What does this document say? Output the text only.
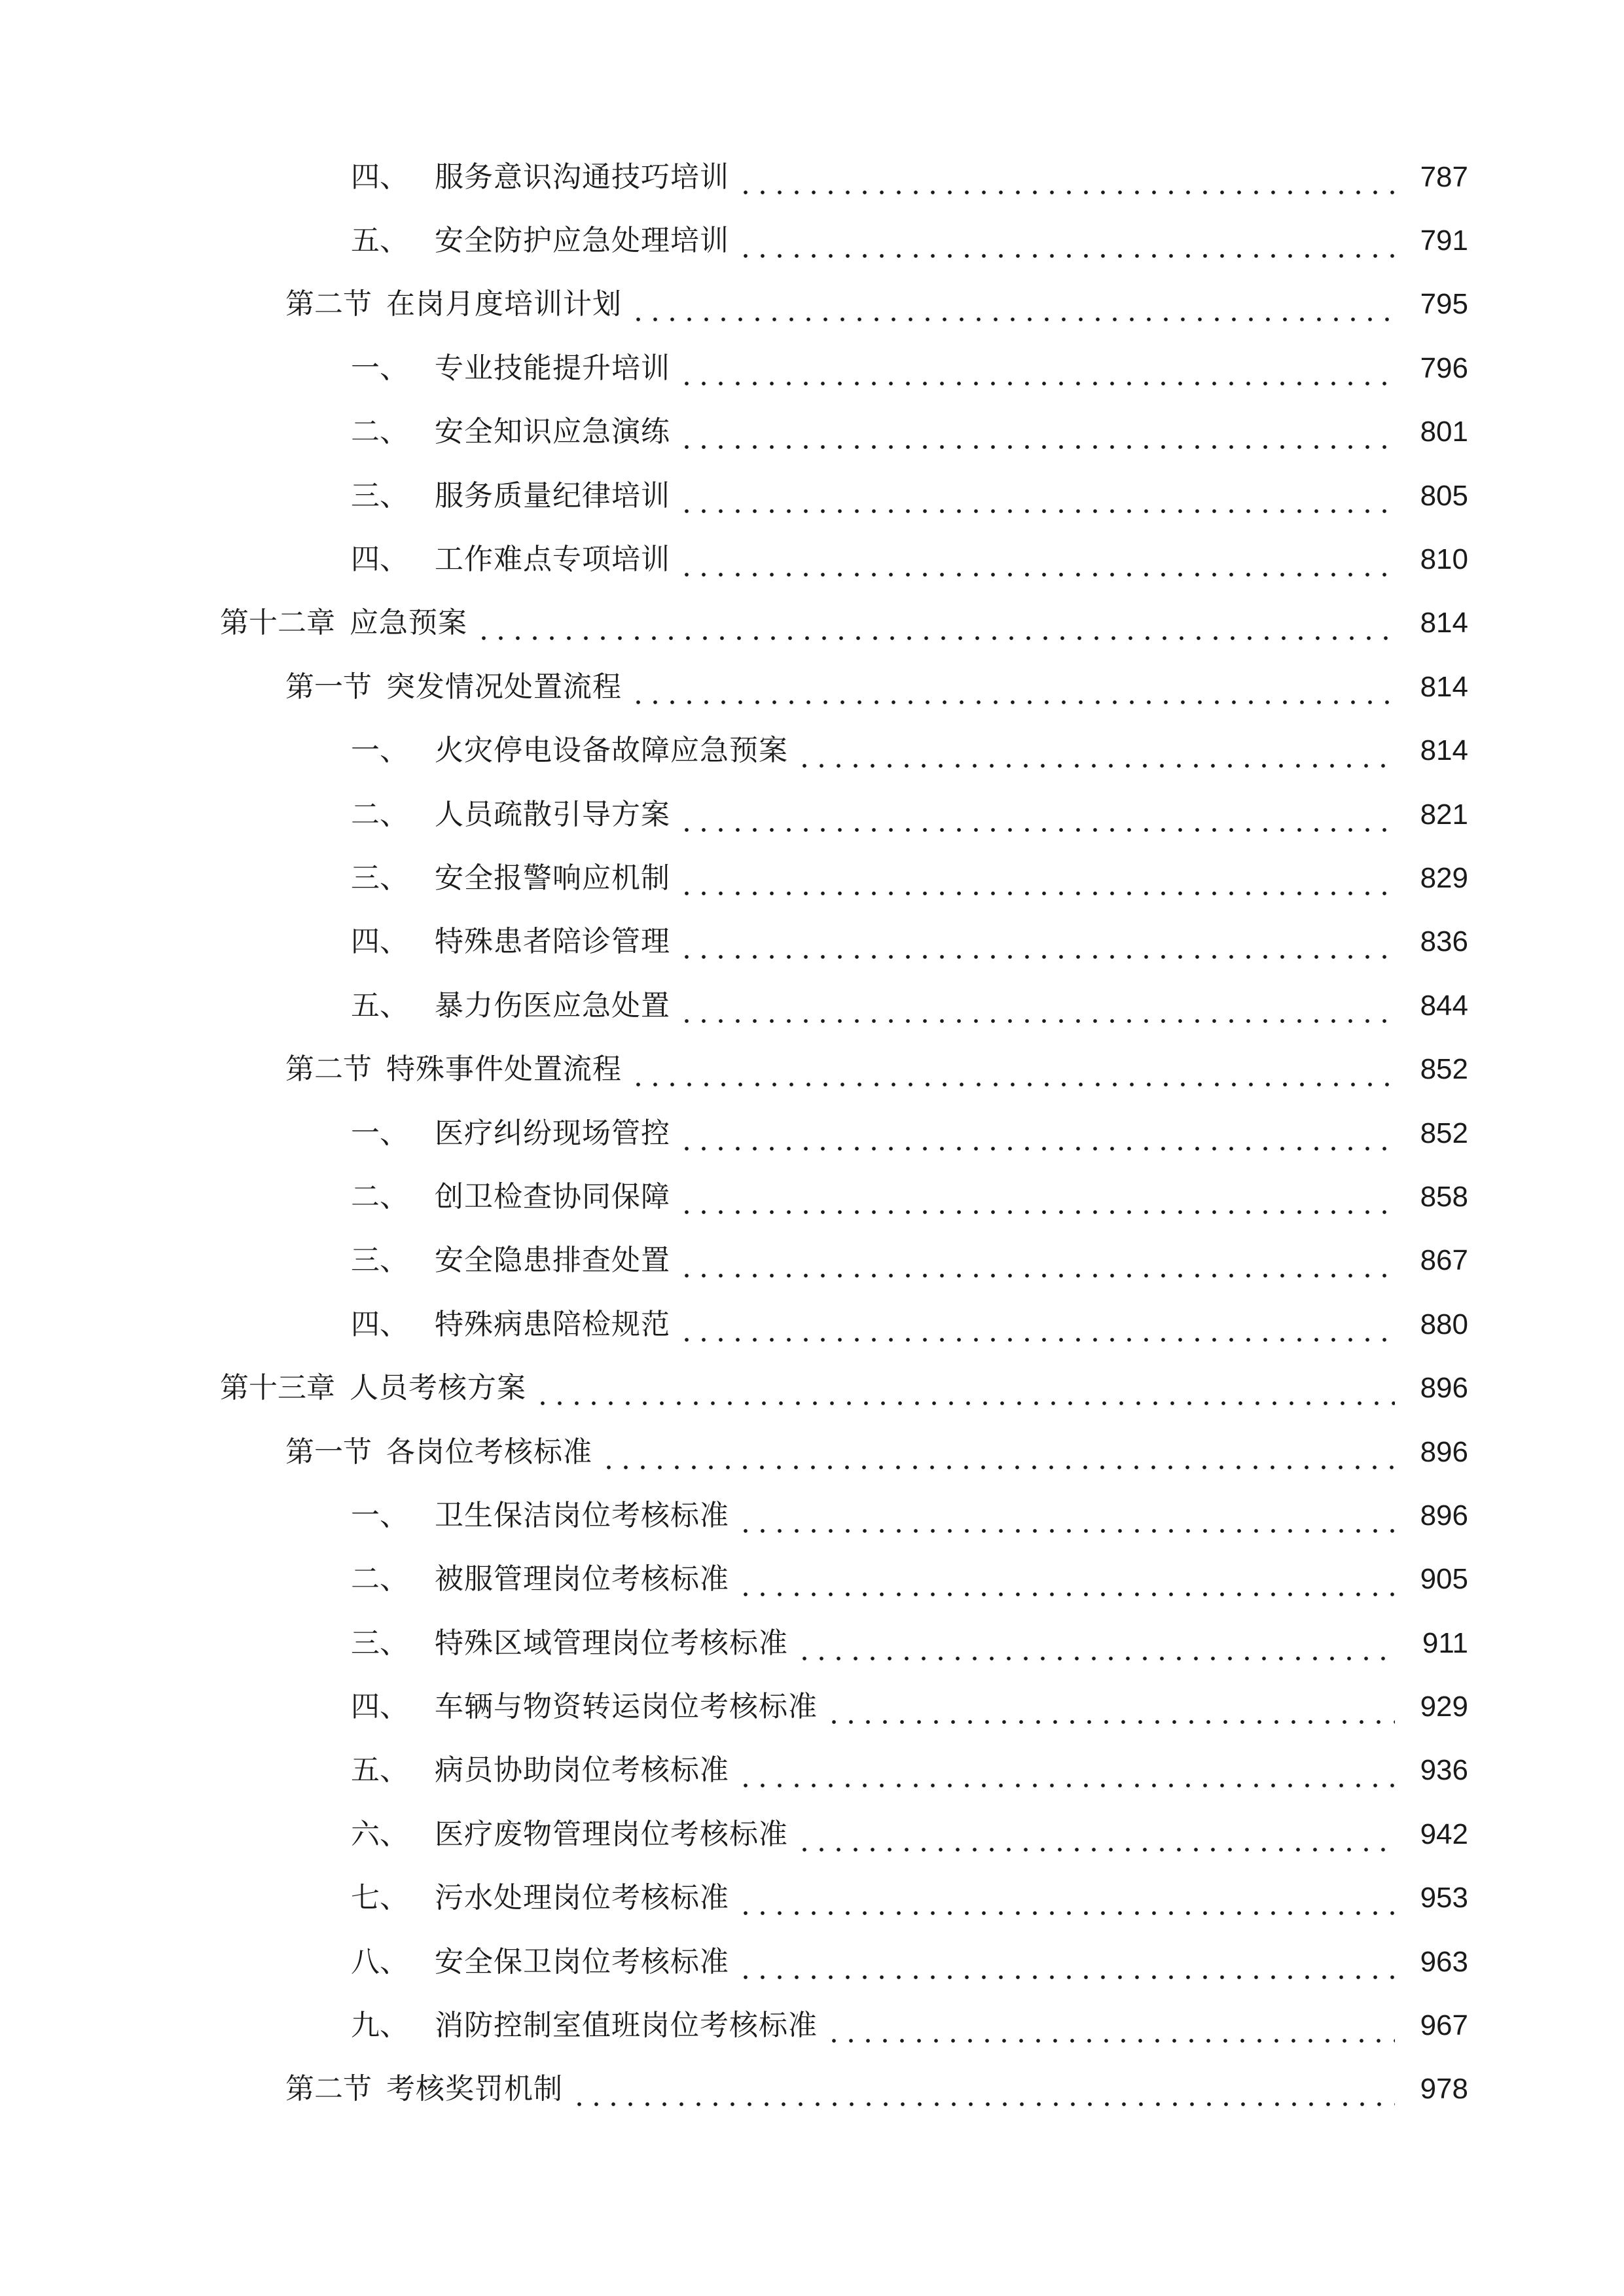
四、 服务意识沟通技巧培训	787
五、 安全防护应急处理培训	791
第二节 在岗月度培训计划	795
一、 专业技能提升培训	796
二、 安全知识应急演练	801
三、 服务质量纪律培训	805
四、 工作难点专项培训	810
第十二章 应急预案	814
第一节 突发情况处置流程	814
一、 火灾停电设备故障应急预案	814
二、 人员疏散引导方案	821
三、 安全报警响应机制	829
四、 特殊患者陪诊管理	836
五、 暴力伤医应急处置	844
第二节 特殊事件处置流程	852
一、 医疗纠纷现场管控	852
二、 创卫检查协同保障	858
三、 安全隐患排查处置	867
四、 特殊病患陪检规范	880
第十三章 人员考核方案	896
第一节 各岗位考核标准	896
一、 卫生保洁岗位考核标准	896
二、 被服管理岗位考核标准	905
三、 特殊区域管理岗位考核标准	911
四、 车辆与物资转运岗位考核标准	929
五、 病员协助岗位考核标准	936
六、 医疗废物管理岗位考核标准	942
七、 污水处理岗位考核标准	953
八、 安全保卫岗位考核标准	963
九、 消防控制室值班岗位考核标准	967
第二节 考核奖罚机制	978
